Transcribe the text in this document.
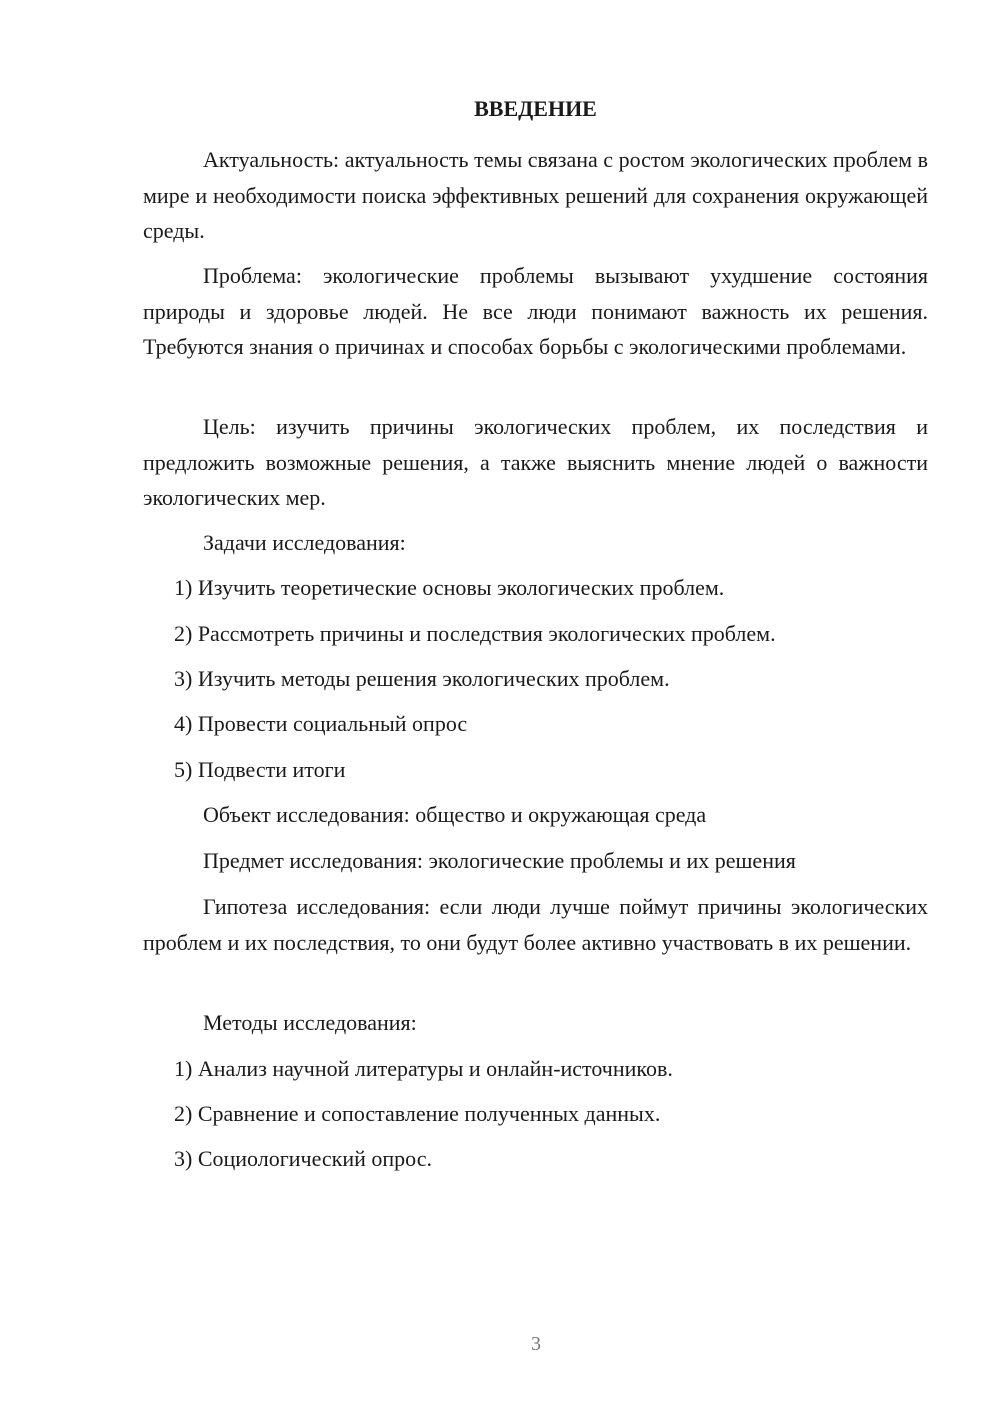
ВВЕДЕНИЕ

Актуальность: актуальность темы связана с ростом экологических проблем в мире и необходимости поиска эффективных решений для сохранения окружающей среды.

Проблема: экологические проблемы вызывают ухудшение состояния природы и здоровье людей. Не все люди понимают важность их решения. Требуются знания о причинах и способах борьбы с экологическими проблемами.

Цель: изучить причины экологических проблем, их последствия и предложить возможные решения, а также выяснить мнение людей о важности экологических мер.

Задачи исследования:

1) Изучить теоретические основы экологических проблем.

2) Рассмотреть причины и последствия экологических проблем.

3) Изучить методы решения экологических проблем.

4) Провести социальный опрос

5) Подвести итоги

Объект исследования: общество и окружающая среда

Предмет исследования: экологические проблемы и их решения

Гипотеза исследования: если люди лучше поймут причины экологических проблем и их последствия, то они будут более активно участвовать в их решении.

Методы исследования:

1) Анализ научной литературы и онлайн-источников.

2) Сравнение и сопоставление полученных данных.

3) Социологический опрос.

3
